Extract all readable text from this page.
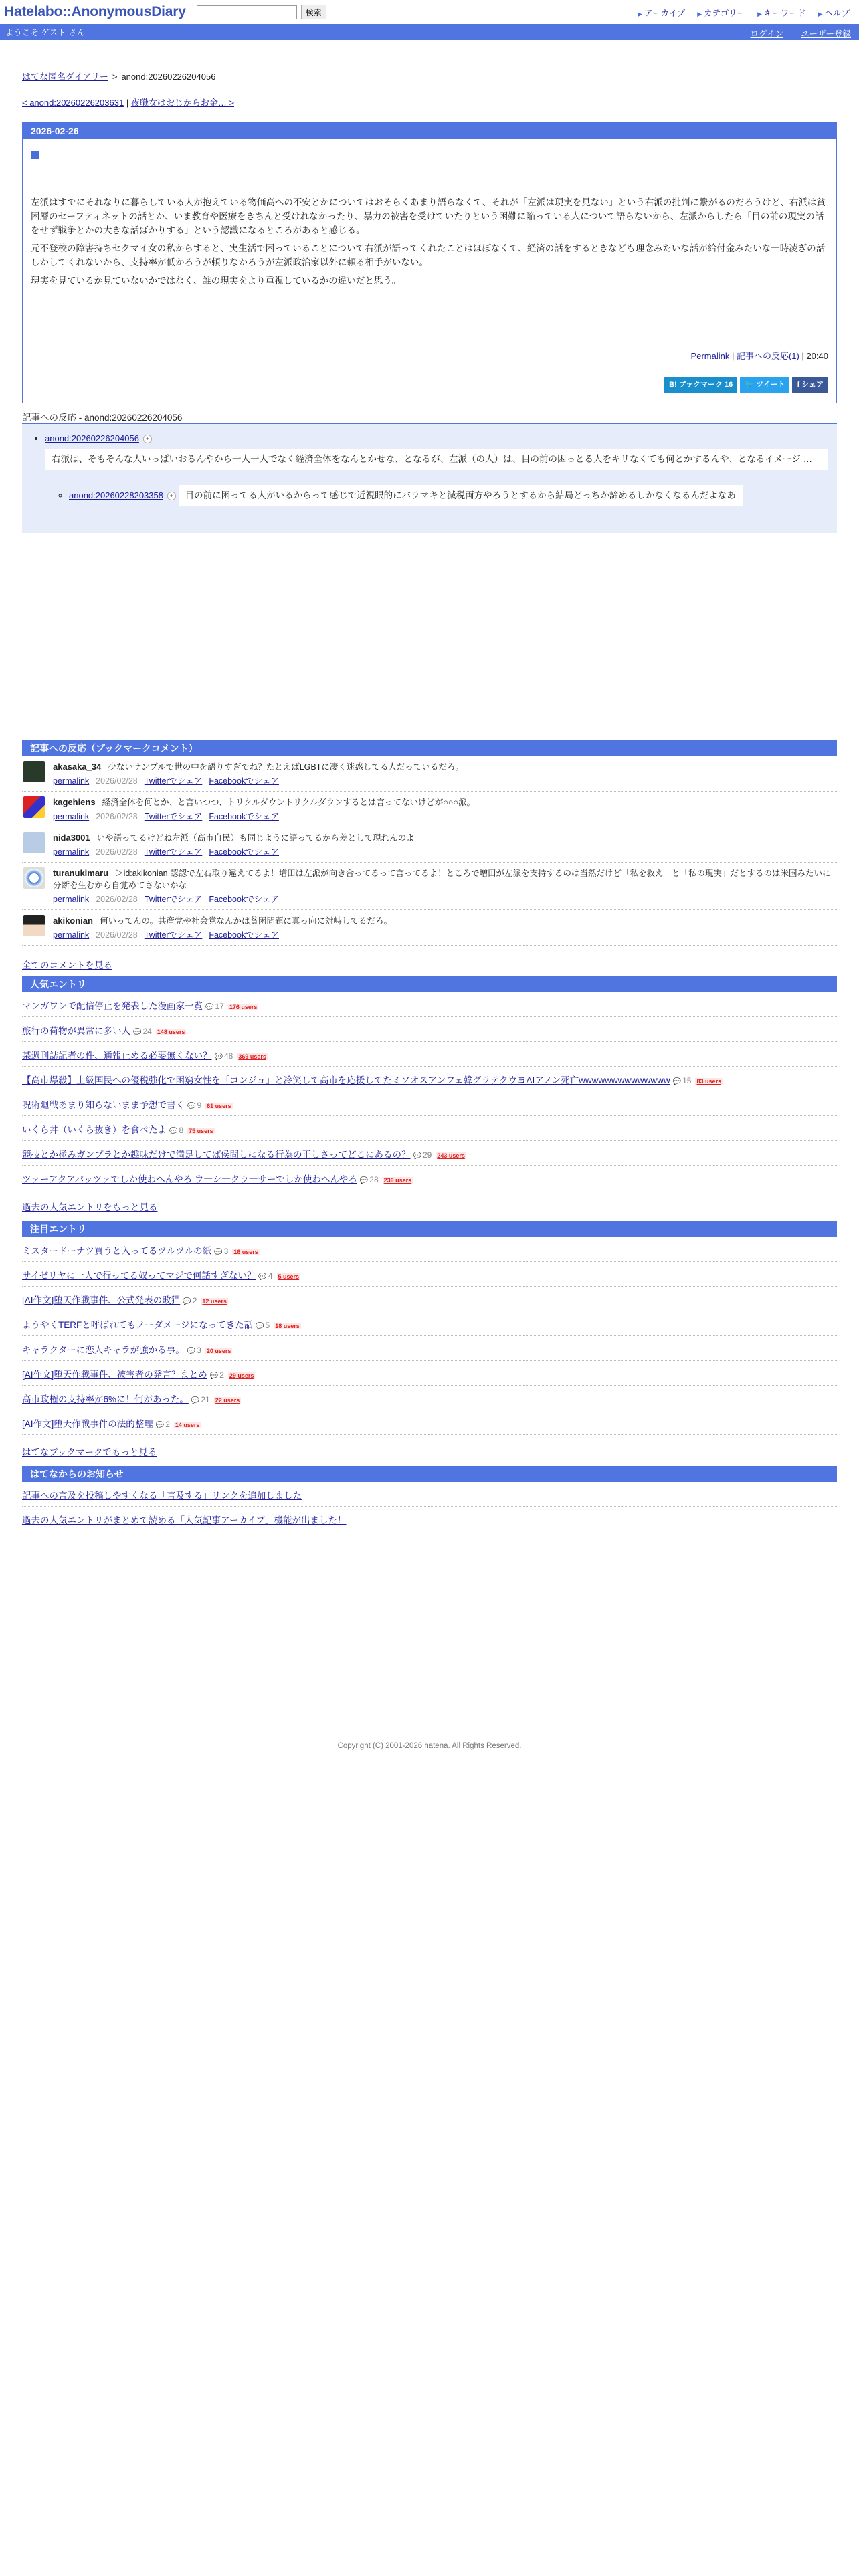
Hatelabo::AnonymousDiary	検索	▶ アーカイブ	▶ カテゴリー	▶ キーワード	▶ ヘルプ
ようこそ ゲスト さん	ログイン ユーザー登録
はてな匿名ダイアリー > anond:20260226204056
< anond:20260226203631 | 夜職女はおじからお金… >
2026-02-26

左派はすでにそれなりに暮らしている人が抱えている物価高への不安とかについてはおそらくあまり語らなくて、それが「左派は現実を見ない」という右派の批判に繋がるのだろうけど、右派は貧困層のセーフティネットの話とか、いま教育や医療をきちんと受けれなかったり、暴力の被害を受けていたりという困難に陥っている人について語らないから、左派からしたら「目の前の現実の話をせず戦争とかの大きな話ばかりする」という認識になるところがあると感じる。

元不登校の障害持ちセクマイ女の私からすると、実生活で困っていることについて右派が語ってくれたことはほぼなくて、経済の話をするときなども理念みたいな話が給付金みたいな一時凌ぎの話しかしてくれないから、支持率が低かろうが頼りなかろうが左派政治家以外に頼る相手がいない。

現実を見ているか見ていないかではなく、誰の現実をより重視しているかの違いだと思う。

Permalink | 記事への反応(1) | 20:40
B! ブックマーク 16 🐦 ツイート f シェア
記事への反応 - anond:20260226204056
• anond:20260226204056 +
右派は、そもそんな人いっぱいおるんやから一人一人でなく経済全体をなんとかせな、となるが、左派（の人）は、目の前の困っとる人をキリなくても何とかするんや、となるイメージ …
◦ anond:20260228203358 + 目の前に困ってる人がいるからって感じで近視眼的にバラマキと減税両方やろうとするから結局どっちか諦めるしかなくなるんだよなあ
記事への反応（ブックマークコメント）
akasaka_34 少ないサンプルで世の中を語りすぎでね？たとえばLGBTに凄く迷惑してる人だっているだろ。
permalink 2026/02/28 Twitterでシェア Facebookでシェア
kagehiens 経済全体を何とか、と言いつつ、トリクルダウントリクルダウンするとは言ってないけどが○○○派。
permalink 2026/02/28 Twitterでシェア Facebookでシェア
nida3001 いや語ってるけどね左派（高市自民）も同じように語ってるから差として現れんのよ
permalink 2026/02/28 Twitterでシェア Facebookでシェア
turanukimaru ＞id:akikonian 認認で左右取り違えてるよ！増田は左派が向き合ってるって言ってるよ！ところで増田が左派を支持するのは当然だけど「私を救え」と「私の現実」だとするのは米国みたいに分断を生むから自覚めてさないかな
permalink 2026/02/28 Twitterでシェア Facebookでシェア
akikonian 何いってんの。共産党や社会党なんかは貧困問題に真っ向に対峙してるだろ。
permalink 2026/02/28 Twitterでシェア Facebookでシェア
全てのコメントを見る
人気エントリ
マンガワンで配信停止を発表した漫画家一覧 💬 17 176 users
旅行の荷物が異常に多い人 💬 24 148 users
某週刊誌記者の件、通報止める必要無くない？ 💬 48 369 users
【高市爆殺】上級国民への優税強化で困窮女性を「コンジョ」と冷笑して高市を応援してたミソオスアンフェ韓グラテクウヨAIアノン死亡wwwwwwwwwwwwww 💬 15 83 users
呪術廻戦あまり知らないまま予想で書く 💬 9 61 users
いくら丼（いくら抜き）を食べたよ 💬 8 75 users
競技とか極みガンプラとか趣味だけで満足してば侯問しになる行為の正しさってどこにあるの？ 💬 29 243 users
ツァーアクアパッツァでしか使わへんやろ ウ一シ一クラ一サーでしか使わへんやろ 💬 28 239 users
過去の人気エントリをもっと見る
注目エントリ
ミスタードーナツ買うと入ってるツルツルの紙 💬 3 16 users
サイゼリヤに一人で行ってる奴ってマジで何話すぎない？ 💬 4 5 users
[AI作文]堕天作戦事件、公式発表の敗猫 💬 2 12 users
ようやくTERFと呼ばれてもノーダメージになってきた話 💬 5 18 users
キャラクターに恋人キャラが強かる事。 💬 3 20 users
[AI作文]堕天作戦事件、被害者の発言？まとめ 💬 2 29 users
高市政権の支持率が6%に！何があった。 💬 21 22 users
[AI作文]堕天作戦事件の法的整理 💬 2 14 users
はてなブックマークでもっと見る
はてなからのお知らせ
記事への言及を投稿しやすくなる「言及する」リンクを追加しました
過去の人気エントリがまとめて読める「人気記事アーカイブ」機能が出ました！
Copyright (C) 2001-2026 hatena. All Rights Reserved.
